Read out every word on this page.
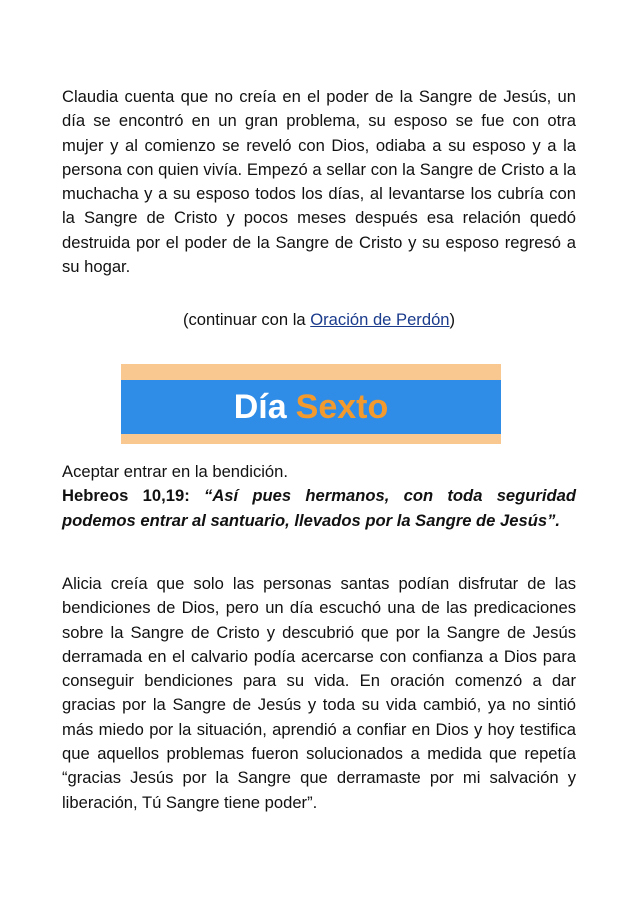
Claudia cuenta que no creía en el poder de la Sangre de Jesús, un día se encontró en un gran problema, su esposo se fue con otra mujer y al comienzo se reveló con Dios, odiaba a su esposo y a la persona con quien vivía. Empezó a sellar con la Sangre de Cristo a la muchacha y a su esposo todos los días, al levantarse los cubría con la Sangre de Cristo y pocos meses después esa relación quedó destruida por el poder de la Sangre de Cristo y su esposo regresó a su hogar.

(continuar con la Oración de Perdón)
Día Sexto

Aceptar entrar en la bendición.

Hebreos 10,19: “Así pues hermanos, con toda seguridad podemos entrar al santuario, llevados por la Sangre de Jesús”.

Alicia creía que solo las personas santas podían disfrutar de las bendiciones de Dios, pero un día escuchó una de las predicaciones sobre la Sangre de Cristo y descubrió que por la Sangre de Jesús derramada en el calvario podía acercarse con confianza a Dios para conseguir bendiciones para su vida. En oración comenzó a dar gracias por la Sangre de Jesús y toda su vida cambió, ya no sintió más miedo por la situación, aprendió a confiar en Dios y hoy testifica que aquellos problemas fueron solucionados a medida que repetía “gracias Jesús por la Sangre que derramaste por mi salvación y liberación, Tú Sangre tiene poder”.
